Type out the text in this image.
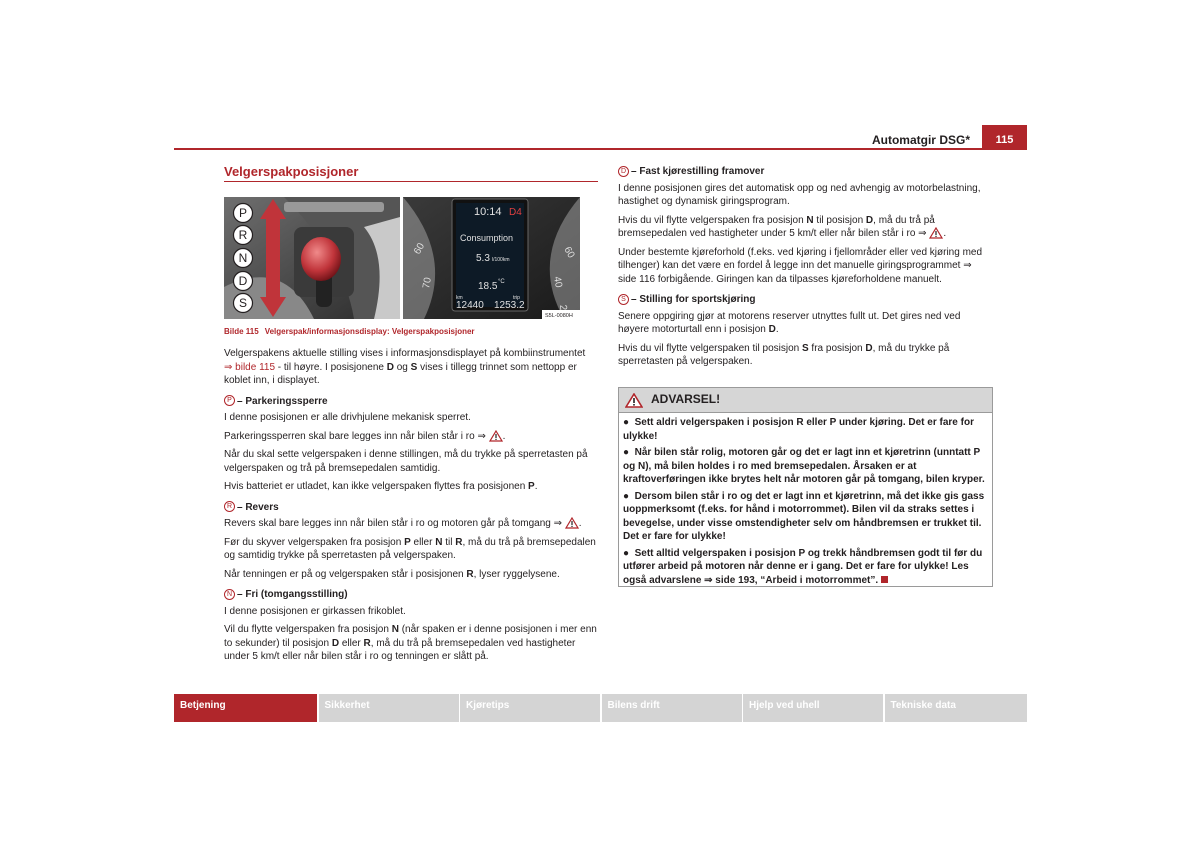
Automatgir DSG*	115
Velgerspakposisjoner
P
R
N
D
S
10:14 D4
Consumption
5.3 l/100km
18.5 °C
km	trip
12440 1253.2
60
70
60
40
S5L-0080H
Bilde 115 Velgerspak/informasjonsdisplay: Velgerspakposisjoner
Velgerspakens aktuelle stilling vises i informasjonsdisplayet på kombiinstrumentet
⇒ bilde 115 - til høyre. I posisjonene D og S vises i tillegg trinnet som nettopp er koblet inn, i displayet.
P – Parkeringssperre
I denne posisjonen er alle drivhjulene mekanisk sperret.
Parkeringssperren skal bare legges inn når bilen står i ro ⇒ .
Når du skal sette velgerspaken i denne stillingen, må du trykke på sperretasten på velgerspaken og trå på bremsepedalen samtidig.
Hvis batteriet er utladet, kan ikke velgerspaken flyttes fra posisjonen P.
R – Revers
Revers skal bare legges inn når bilen står i ro og motoren går på tomgang ⇒ .
Før du skyver velgerspaken fra posisjon P eller N til R, må du trå på bremsepedalen og samtidig trykke på sperretasten på velgerspaken.
Når tenningen er på og velgerspaken står i posisjonen R, lyser ryggelysene.
N – Fri (tomgangsstilling)
I denne posisjonen er girkassen frikoblet.
Vil du flytte velgerspaken fra posisjon N (når spaken er i denne posisjonen i mer enn to sekunder) til posisjon D eller R, må du trå på bremsepedalen ved hastigheter under 5 km/t eller når bilen står i ro og tenningen er slått på.
D – Fast kjørestilling framover
I denne posisjonen gires det automatisk opp og ned avhengig av motorbelastning, hastighet og dynamisk giringsprogram.
Hvis du vil flytte velgerspaken fra posisjon N til posisjon D, må du trå på bremsepedalen ved hastigheter under 5 km/t eller når bilen står i ro ⇒ .
Under bestemte kjøreforhold (f.eks. ved kjøring i fjellområder eller ved kjøring med tilhenger) kan det være en fordel å legge inn det manuelle giringsprogrammet ⇒ side 116 forbigående. Giringen kan da tilpasses kjøreforholdene manuelt.
S – Stilling for sportskjøring
Senere oppgiring gjør at motorens reserver utnyttes fullt ut. Det gires ned ved høyere motorturtall enn i posisjon D.
Hvis du vil flytte velgerspaken til posisjon S fra posisjon D, må du trykke på sperretasten på velgerspaken.
ADVARSEL!
●  Sett aldri velgerspaken i posisjon R eller P under kjøring. Det er fare for ulykke!
●  Når bilen står rolig, motoren går og det er lagt inn et kjøretrinn (unntatt P og N), må bilen holdes i ro med bremsepedalen. Årsaken er at kraftoverføringen ikke brytes helt når motoren går på tomgang, bilen kryper.
●  Dersom bilen står i ro og det er lagt inn et kjøretrinn, må det ikke gis gass uoppmerksomt (f.eks. for hånd i motorrommet). Bilen vil da straks settes i bevegelse, under visse omstendigheter selv om håndbremsen er trukket til. Det er fare for ulykke!
●  Sett alltid velgerspaken i posisjon P og trekk håndbremsen godt til før du utfører arbeid på motoren når denne er i gang. Det er fare for ulykke! Les også advarslene ⇒ side 193, “Arbeid i motorrommet”.
Betjening	Sikkerhet	Kjøretips	Bilens drift	Hjelp ved uhell	Tekniske data
